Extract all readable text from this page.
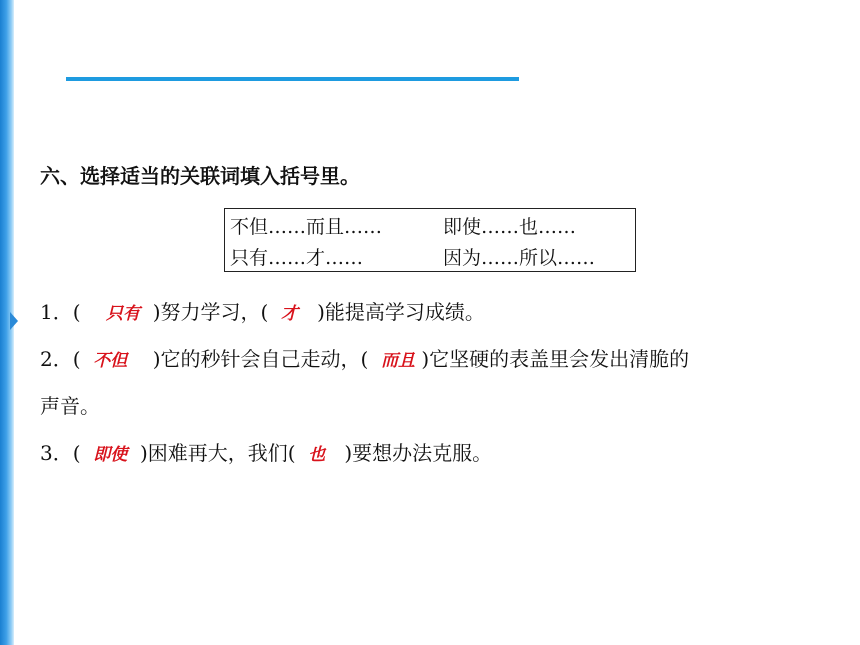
六、选择适当的关联词填入括号里。
不但……而且……	即使……也……
只有……才……	因为……所以……
1．( 只有 )努力学习，( 才 )能提高学习成绩。
2．( 不但 )它的秒针会自己走动，( 而且 )它坚硬的表盖里会发出清脆的
声音。
3．( 即使 )困难再大，我们( 也 )要想办法克服。
